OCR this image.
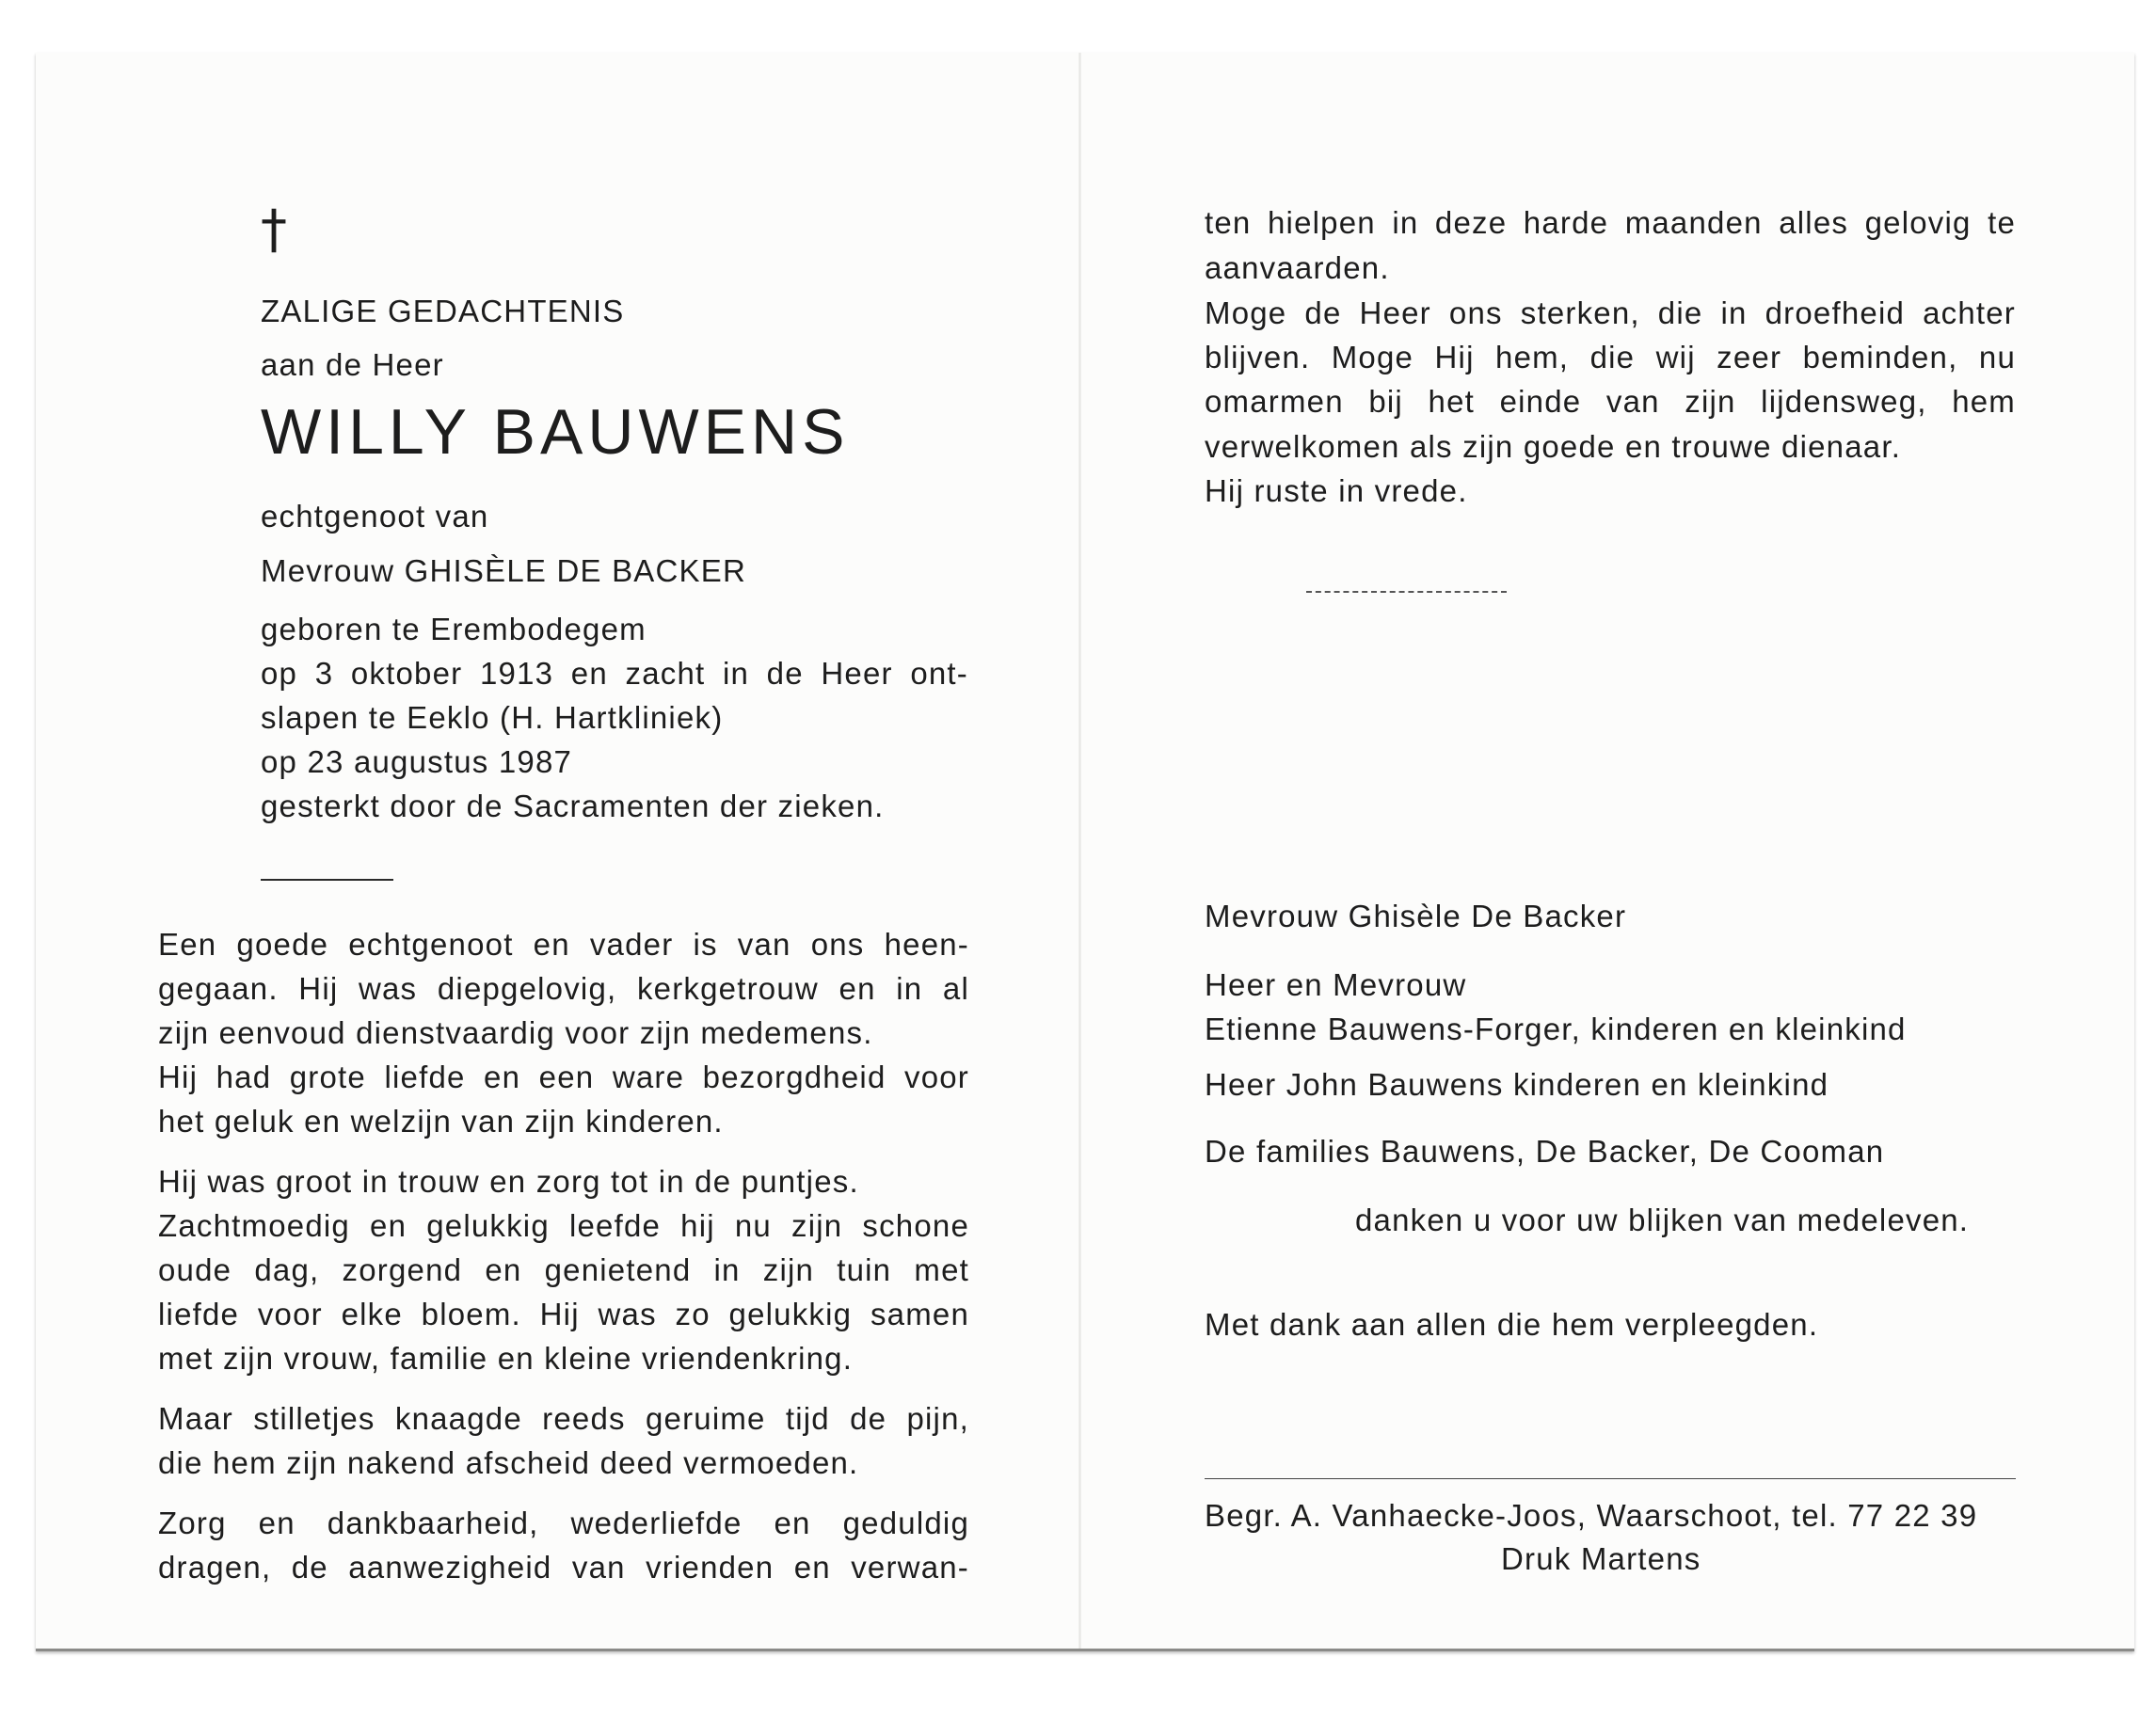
†
ZALIGE GEDACHTENIS
aan de Heer
WILLY BAUWENS
echtgenoot van
Mevrouw GHISÈLE DE BACKER
geboren te Erembodegem
op 3 oktober 1913 en zacht in de Heer ont-
slapen te Eeklo (H. Hartkliniek)
op 23 augustus 1987
gesterkt door de Sacramenten der zieken.
Een goede echtgenoot en vader is van ons heen-
gegaan. Hij was diepgelovig, kerkgetrouw en in al
zijn eenvoud dienstvaardig voor zijn medemens.
Hij had grote liefde en een ware bezorgdheid voor
het geluk en welzijn van zijn kinderen.
Hij was groot in trouw en zorg tot in de puntjes.
Zachtmoedig en gelukkig leefde hij nu zijn schone
oude dag, zorgend en genietend in zijn tuin met
liefde voor elke bloem. Hij was zo gelukkig samen
met zijn vrouw, familie en kleine vriendenkring.
Maar stilletjes knaagde reeds geruime tijd de pijn,
die hem zijn nakend afscheid deed vermoeden.
Zorg en dankbaarheid, wederliefde en geduldig
dragen, de aanwezigheid van vrienden en verwan-
ten hielpen in deze harde maanden alles gelovig te
aanvaarden.
Moge de Heer ons sterken, die in droefheid achter
blijven. Moge Hij hem, die wij zeer beminden, nu
omarmen bij het einde van zijn lijdensweg, hem
verwelkomen als zijn goede en trouwe dienaar.
Hij ruste in vrede.
Mevrouw Ghisèle De Backer
Heer en Mevrouw
Etienne Bauwens-Forger, kinderen en kleinkind
Heer John Bauwens kinderen en kleinkind
De families Bauwens, De Backer, De Cooman
danken u voor uw blijken van medeleven.
Met dank aan allen die hem verpleegden.
Begr. A. Vanhaecke-Joos, Waarschoot, tel. 77 22 39
Druk Martens
